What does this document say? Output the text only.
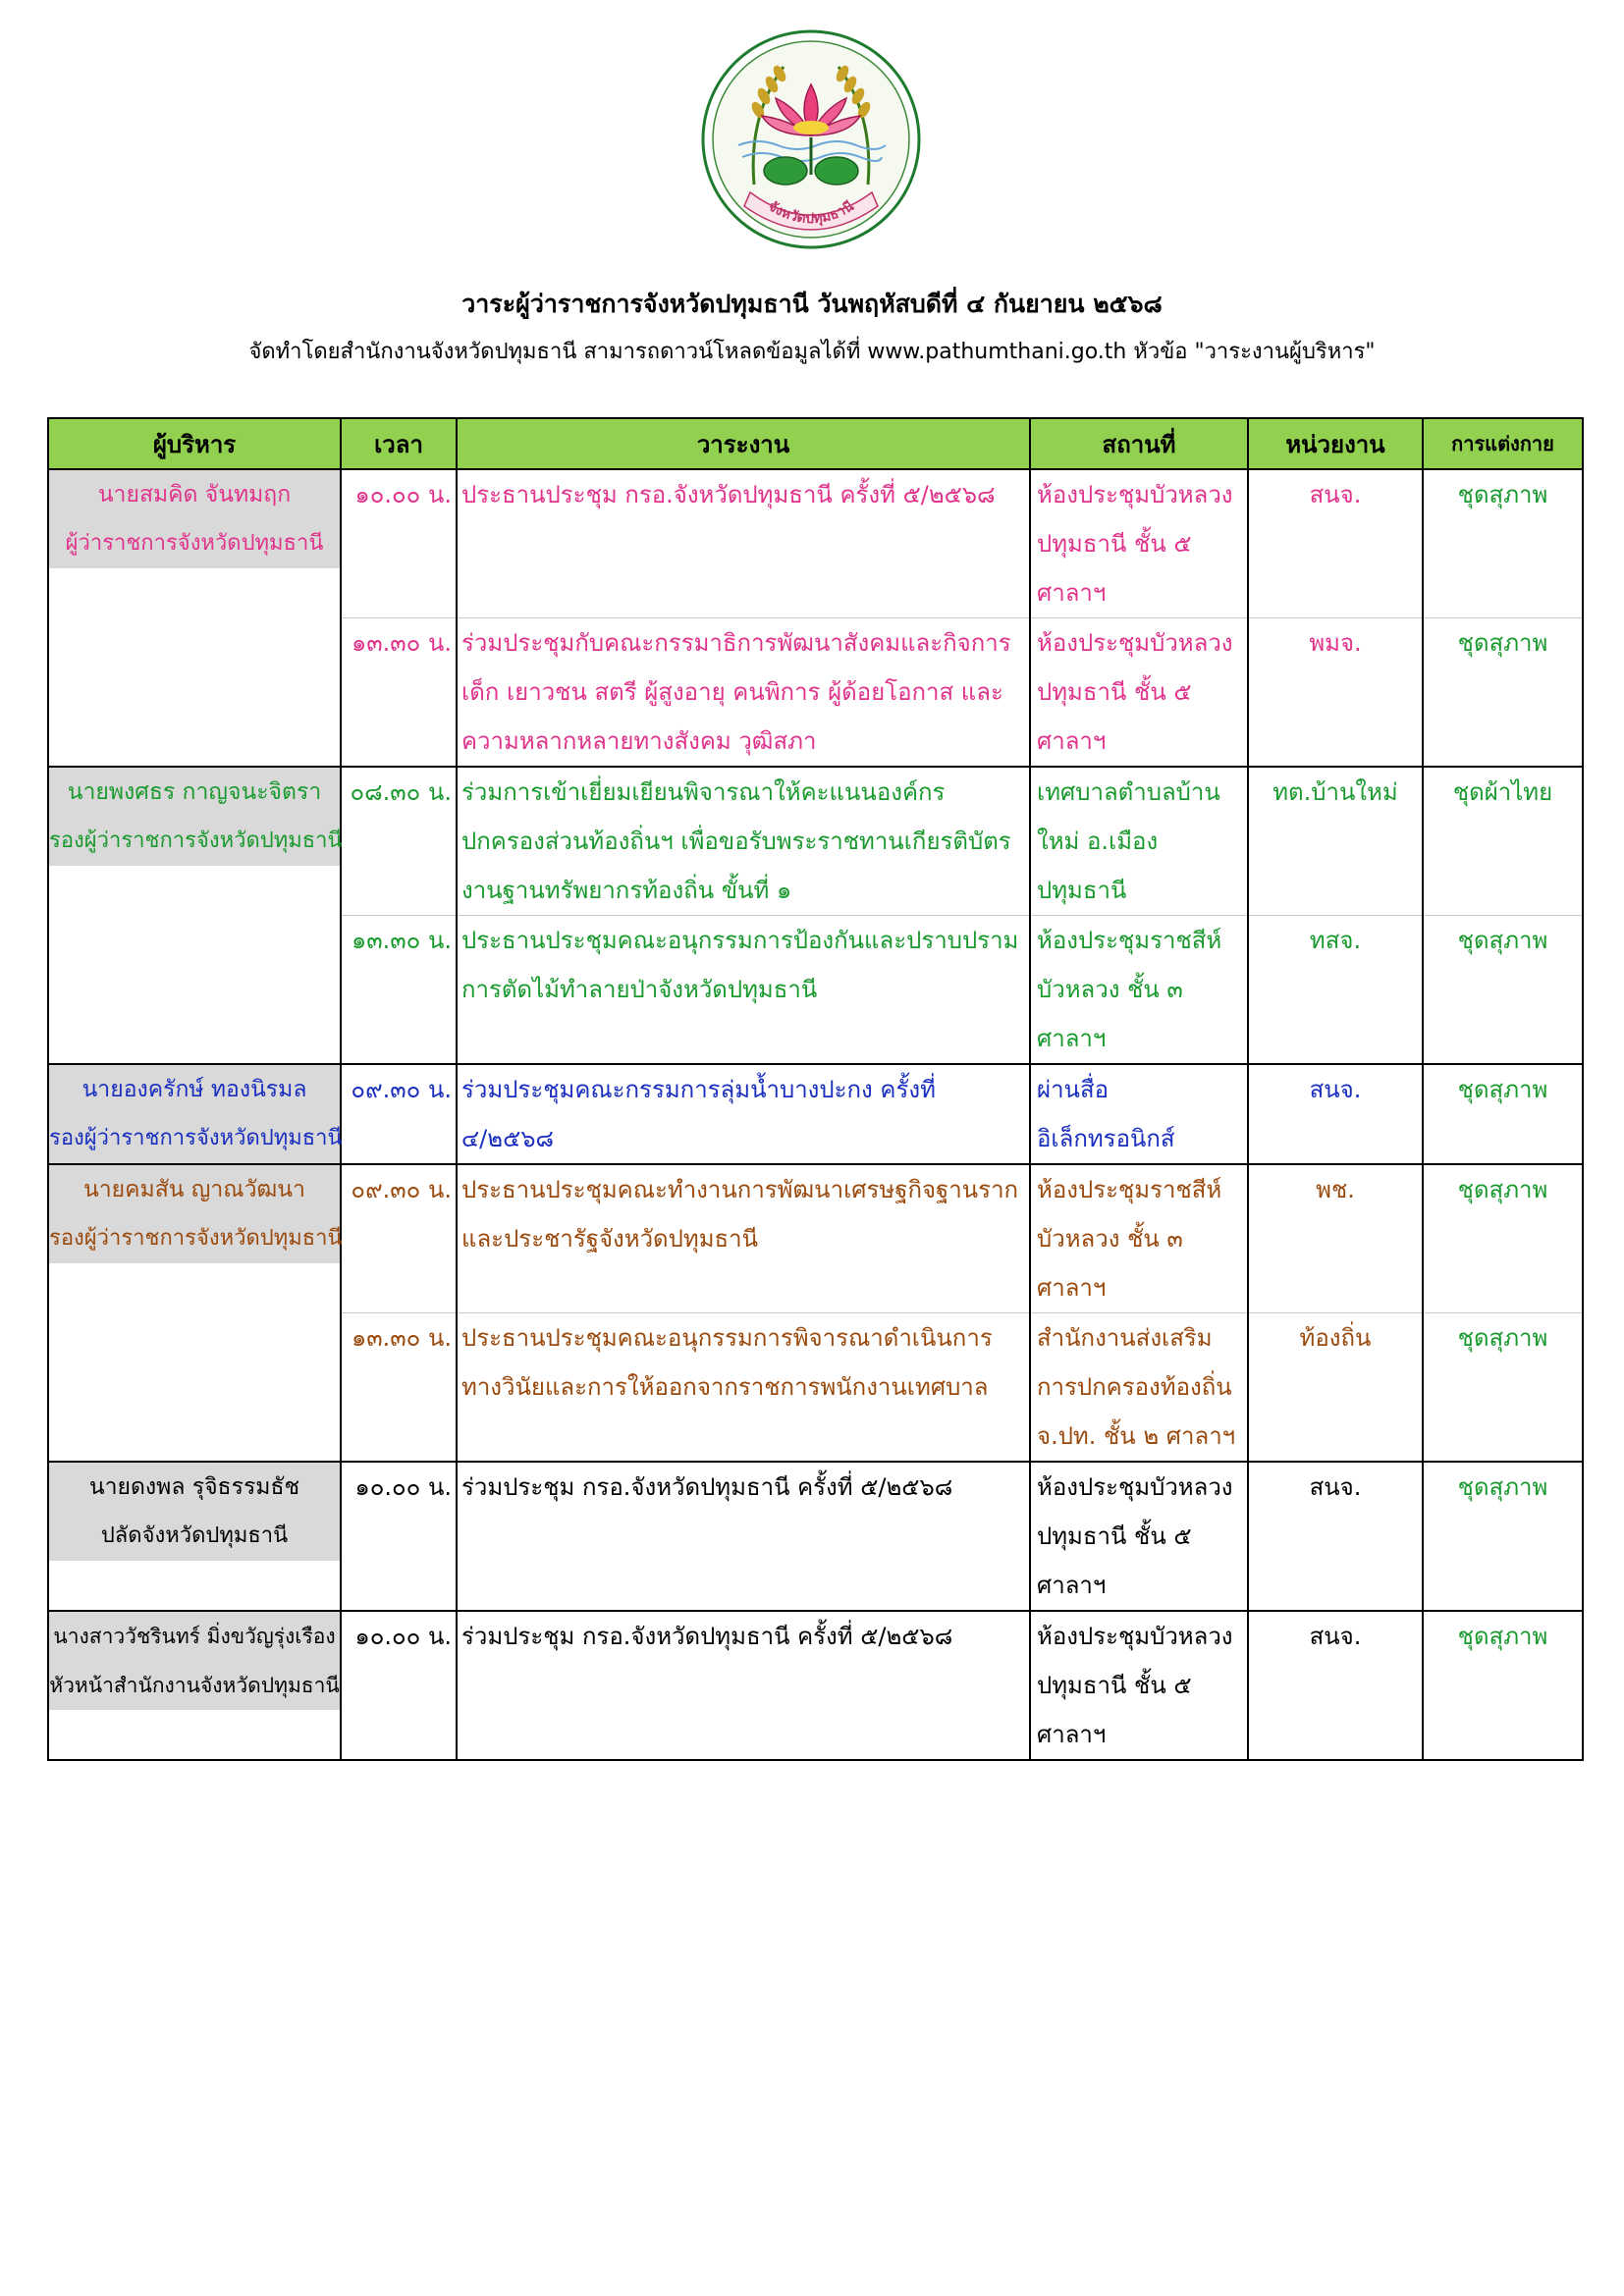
จังหวัดปทุมธานี
วาระผู้ว่าราชการจังหวัดปทุมธานี วันพฤหัสบดีที่ ๔ กันยายน ๒๕๖๘
จัดทำโดยสำนักงานจังหวัดปทุมธานี สามารถดาวน์โหลดข้อมูลได้ที่ www.pathumthani.go.th หัวข้อ "วาระงานผู้บริหาร"
ผู้บริหาร	เวลา	วาระงาน	สถานที่	หน่วยงาน	การแต่งกาย

นายสมคิด จันทมฤก
ผู้ว่าราชการจังหวัดปทุมธานี	๑๐.๐๐ น.	ประธานประชุม กรอ.จังหวัดปทุมธานี ครั้งที่ ๕/๒๕๖๘	ห้องประชุมบัวหลวง ปทุมธานี ชั้น ๕ ศาลาฯ	สนจ.	ชุดสุภาพ
	๑๓.๓๐ น.	ร่วมประชุมกับคณะกรรมาธิการพัฒนาสังคมและกิจการเด็ก เยาวชน สตรี ผู้สูงอายุ คนพิการ ผู้ด้อยโอกาส และความหลากหลายทางสังคม วุฒิสภา	ห้องประชุมบัวหลวง ปทุมธานี ชั้น ๕ ศาลาฯ	พมจ.	ชุดสุภาพ

นายพงศธร กาญจนะจิตรา
รองผู้ว่าราชการจังหวัดปทุมธานี	๐๘.๓๐ น.	ร่วมการเข้าเยี่ยมเยียนพิจารณาให้คะแนนองค์กรปกครองส่วนท้องถิ่นฯ เพื่อขอรับพระราชทานเกียรติบัตรงานฐานทรัพยากรท้องถิ่น ขั้นที่ ๑	เทศบาลตำบลบ้านใหม่ อ.เมืองปทุมธานี	ทต.บ้านใหม่	ชุดผ้าไทย
	๑๓.๓๐ น.	ประธานประชุมคณะอนุกรรมการป้องกันและปราบปรามการตัดไม้ทำลายป่าจังหวัดปทุมธานี	ห้องประชุมราชสีห์ บัวหลวง ชั้น ๓ ศาลาฯ	ทสจ.	ชุดสุภาพ

นายองครักษ์ ทองนิรมล
รองผู้ว่าราชการจังหวัดปทุมธานี	๐๙.๓๐ น.	ร่วมประชุมคณะกรรมการลุ่มน้ำบางปะกง ครั้งที่ ๔/๒๕๖๘	ผ่านสื่ออิเล็กทรอนิกส์	สนจ.	ชุดสุภาพ

นายคมสัน ญาณวัฒนา
รองผู้ว่าราชการจังหวัดปทุมธานี	๐๙.๓๐ น.	ประธานประชุมคณะทำงานการพัฒนาเศรษฐกิจฐานรากและประชารัฐจังหวัดปทุมธานี	ห้องประชุมราชสีห์ บัวหลวง ชั้น ๓ ศาลาฯ	พช.	ชุดสุภาพ
	๑๓.๓๐ น.	ประธานประชุมคณะอนุกรรมการพิจารณาดำเนินการทางวินัยและการให้ออกจากราชการพนักงานเทศบาล	สำนักงานส่งเสริมการปกครองท้องถิ่น จ.ปท. ชั้น ๒ ศาลาฯ	ท้องถิ่น	ชุดสุภาพ

นายดงพล รุจิธรรมธัช
ปลัดจังหวัดปทุมธานี	๑๐.๐๐ น.	ร่วมประชุม กรอ.จังหวัดปทุมธานี ครั้งที่ ๕/๒๕๖๘	ห้องประชุมบัวหลวง ปทุมธานี ชั้น ๕ ศาลาฯ	สนจ.	ชุดสุภาพ

นางสาววัชรินทร์ มิ่งขวัญรุ่งเรือง
หัวหน้าสำนักงานจังหวัดปทุมธานี	๑๐.๐๐ น.	ร่วมประชุม กรอ.จังหวัดปทุมธานี ครั้งที่ ๕/๒๕๖๘	ห้องประชุมบัวหลวง ปทุมธานี ชั้น ๕ ศาลาฯ	สนจ.	ชุดสุภาพ
